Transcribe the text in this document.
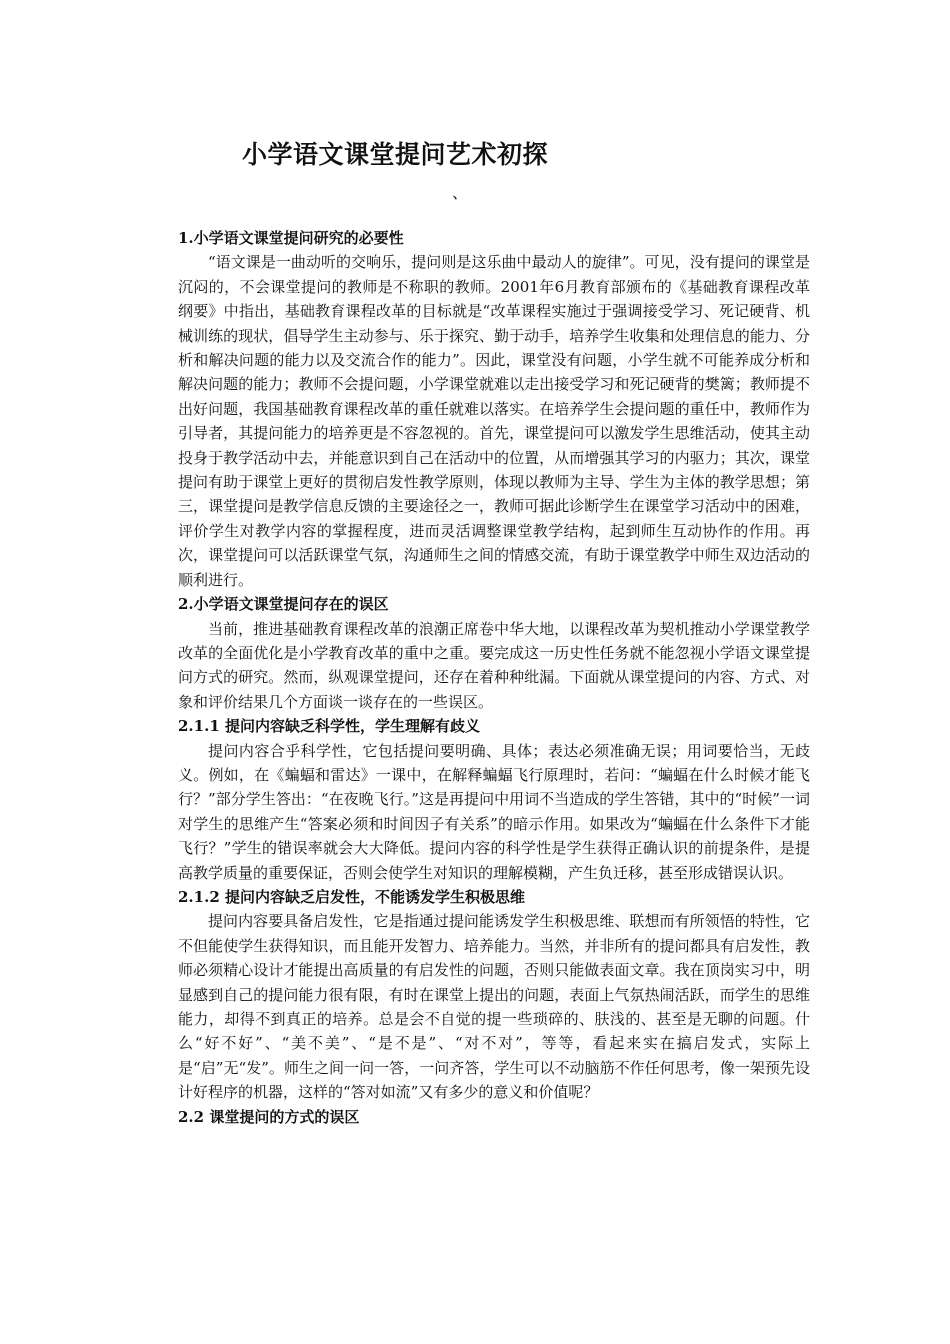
小学语文课堂提问艺术初探
、

1.小学语文课堂提问研究的必要性

“语文课是一曲动听的交响乐，提问则是这乐曲中最动人的旋律”。可见，没有提问的课堂是沉闷的，不会课堂提问的教师是不称职的教师。2001年6月教育部颁布的《基础教育课程改革纲要》中指出，基础教育课程改革的目标就是“改革课程实施过于强调接受学习、死记硬背、机械训练的现状，倡导学生主动参与、乐于探究、勤于动手，培养学生收集和处理信息的能力、分析和解决问题的能力以及交流合作的能力”。因此，课堂没有问题，小学生就不可能养成分析和解决问题的能力；教师不会提问题，小学课堂就难以走出接受学习和死记硬背的樊篱；教师提不出好问题，我国基础教育课程改革的重任就难以落实。在培养学生会提问题的重任中，教师作为引导者，其提问能力的培养更是不容忽视的。首先，课堂提问可以激发学生思维活动，使其主动投身于教学活动中去，并能意识到自己在活动中的位置，从而增强其学习的内驱力；其次，课堂提问有助于课堂上更好的贯彻启发性教学原则，体现以教师为主导、学生为主体的教学思想；第三，课堂提问是教学信息反馈的主要途径之一，教师可据此诊断学生在课堂学习活动中的困难，评价学生对教学内容的掌握程度，进而灵活调整课堂教学结构，起到师生互动协作的作用。再次，课堂提问可以活跃课堂气氛，沟通师生之间的情感交流，有助于课堂教学中师生双边活动的顺利进行。

2.小学语文课堂提问存在的误区

当前，推进基础教育课程改革的浪潮正席卷中华大地，以课程改革为契机推动小学课堂教学改革的全面优化是小学教育改革的重中之重。要完成这一历史性任务就不能忽视小学语文课堂提问方式的研究。然而，纵观课堂提问，还存在着种种纰漏。下面就从课堂提问的内容、方式、对象和评价结果几个方面谈一谈存在的一些误区。

2.1.1 提问内容缺乏科学性，学生理解有歧义

提问内容合乎科学性，它包括提问要明确、具体；表达必须准确无误；用词要恰当，无歧义。例如，在《蝙蝠和雷达》一课中，在解释蝙蝠飞行原理时，若问：“蝙蝠在什么时候才能飞行？”部分学生答出：“在夜晚飞行。”这是再提问中用词不当造成的学生答错，其中的“时候”一词对学生的思维产生“答案必须和时间因子有关系”的暗示作用。如果改为“蝙蝠在什么条件下才能飞行？”学生的错误率就会大大降低。提问内容的科学性是学生获得正确认识的前提条件，是提高教学质量的重要保证，否则会使学生对知识的理解模糊，产生负迁移，甚至形成错误认识。

2.1.2 提问内容缺乏启发性，不能诱发学生积极思维

提问内容要具备启发性，它是指通过提问能诱发学生积极思维、联想而有所领悟的特性，它不但能使学生获得知识，而且能开发智力、培养能力。当然，并非所有的提问都具有启发性，教师必须精心设计才能提出高质量的有启发性的问题，否则只能做表面文章。我在顶岗实习中，明显感到自己的提问能力很有限，有时在课堂上提出的问题，表面上气氛热闹活跃，而学生的思维能力，却得不到真正的培养。总是会不自觉的提一些琐碎的、肤浅的、甚至是无聊的问题。什么“好不好”、“美不美”、“是不是”、“对不对”，等等，看起来实在搞启发式，实际上是“启”无“发”。师生之间一问一答，一问齐答，学生可以不动脑筋不作任何思考，像一架预先设计好程序的机器，这样的“答对如流”又有多少的意义和价值呢？

2.2 课堂提问的方式的误区
